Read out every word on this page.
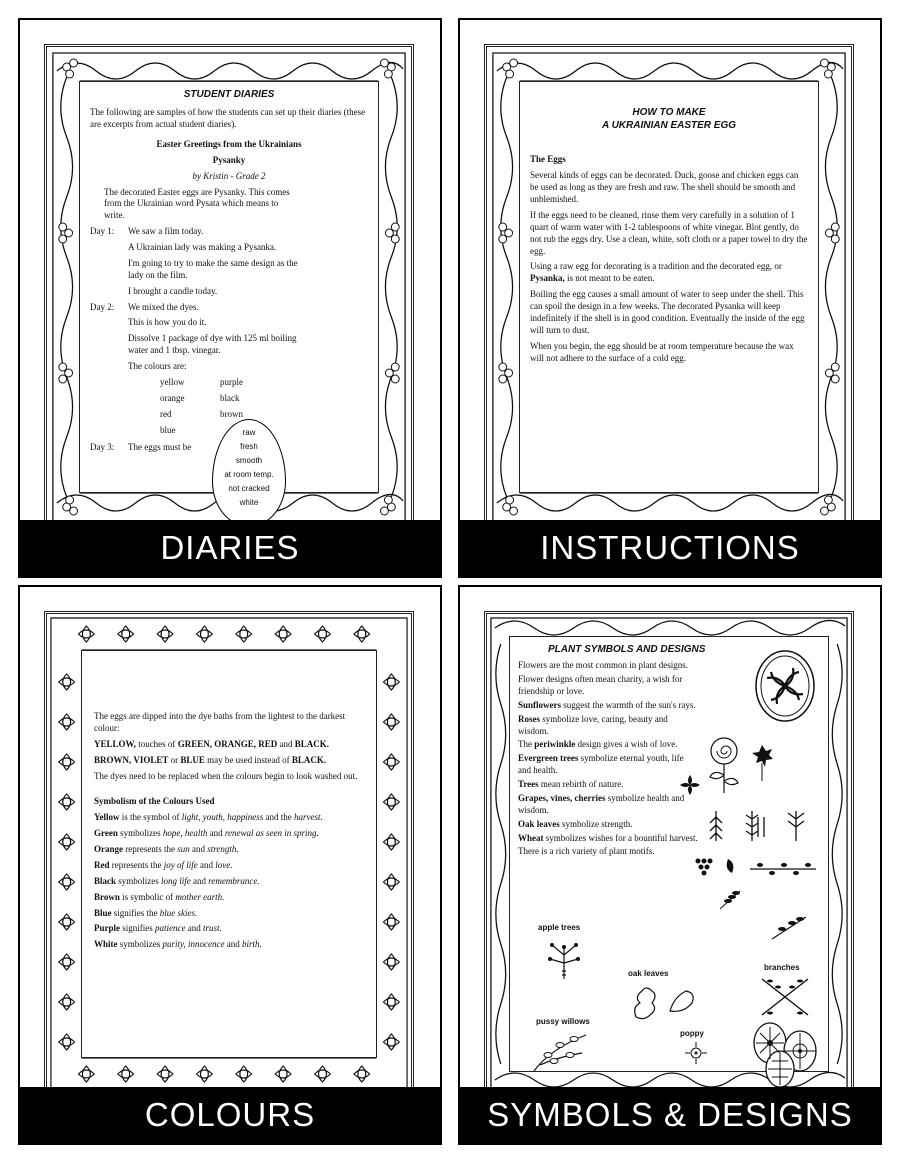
STUDENT DIARIES

The following are samples of how the students can set up their diaries (these are excerpts from actual student diaries).

Easter Greetings from the Ukrainians

Pysanky

by Kristin - Grade 2

The decorated Easter eggs are Pysanky. This comes from the Ukrainian word Pysata which means to write.

Day 1:	We saw a film today.

A Ukrainian lady was making a Pysanka.

I'm going to try to make the same design as the lady on the film.

I brought a candle today.

Day 2:	We mixed the dyes.

This is how you do it.

Dissolve 1 package of dye with 125 ml boiling water and 1 tbsp. vinegar.

The colours are:

yellow	purple
orange	black
red	brown
blue
Day 3:	The eggs must be
raw
fresh
smooth
at room temp.
not cracked
white
DIARIES
HOW TO MAKE
A UKRAINIAN EASTER EGG

The Eggs

Several kinds of eggs can be decorated. Duck, goose and chicken eggs can be used as long as they are fresh and raw. The shell should be smooth and unblemished.

If the eggs need to be cleaned, rinse them very carefully in a solution of 1 quart of warm water with 1-2 tablespoons of white vinegar. Blot gently, do not rub the eggs dry. Use a clean, white, soft cloth or a paper towel to dry the egg.

Using a raw egg for decorating is a tradition and the decorated egg, or Pysanka, is not meant to be eaten.

Boiling the egg causes a small amount of water to seep under the shell. This can spoil the design in a few weeks. The decorated Pysanka will keep indefinitely if the shell is in good condition. Eventually the inside of the egg will turn to dust.

When you begin, the egg should be at room temperature because the wax will not adhere to the surface of a cold egg.

INSTRUCTIONS

The eggs are dipped into the dye baths from the lightest to the darkest colour:

YELLOW, touches of GREEN, ORANGE, RED and BLACK.

BROWN, VIOLET or BLUE may be used instead of BLACK.

The dyes need to be replaced when the colours begin to look washed out.

Symbolism of the Colours Used

Yellow is the symbol of light, youth, happiness and the harvest.

Green symbolizes hope, health and renewal as seen in spring.

Orange represents the sun and strength.

Red represents the joy of life and love.

Black symbolizes long life and remembrance.

Brown is symbolic of mother earth.

Blue signifies the blue skies.

Purple signifies patience and trust.

White symbolizes purity, innocence and birth.

COLOURS
PLANT SYMBOLS AND DESIGNS

Flowers are the most common in plant designs.

Flower designs often mean charity, a wish for friendship or love.

Sunflowers suggest the warmth of the sun's rays.

Roses symbolize love, caring, beauty and wisdom.

The periwinkle design gives a wish of love.

Evergreen trees symbolize eternal youth, life and health.

Trees mean rebirth of nature.

Grapes, vines, cherries symbolize health and wisdom.

Oak leaves symbolize strength.

Wheat symbolizes wishes for a bountiful harvest.

There is a rich variety of plant motifs.

apple trees
oak leaves
branches
pussy willows
poppy
SYMBOLS & DESIGNS
